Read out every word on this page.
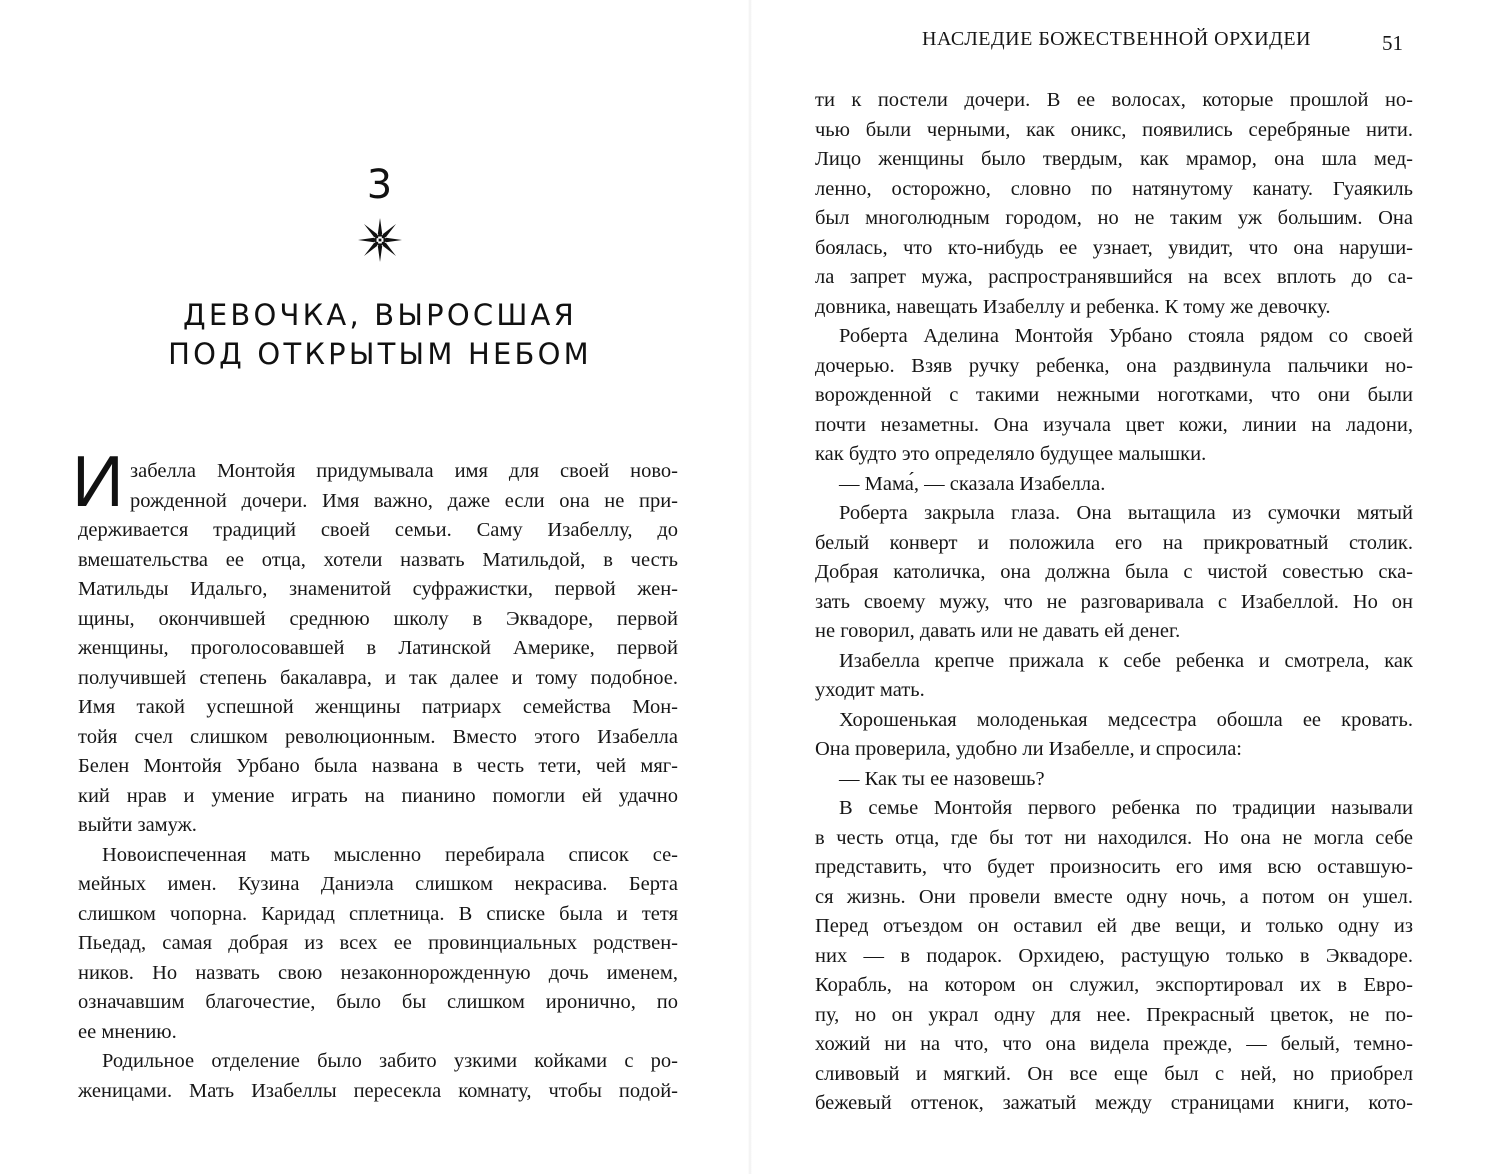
3
ДЕВОЧКА, ВЫРОСШАЯ
ПОД ОТКРЫТЫМ НЕБОМ
И забелла Монтойя придумывала имя для своей ново-
рожденной дочери. Имя важно, даже если она не при-
держивается традиций своей семьи. Саму Изабеллу, до
вмешательства ее отца, хотели назвать Матильдой, в честь
Матильды Идальго, знаменитой суфражистки, первой жен-
щины, окончившей среднюю школу в Эквадоре, первой
женщины, проголосовавшей в Латинской Америке, первой
получившей степень бакалавра, и так далее и тому подобное.
Имя такой успешной женщины патриарх семейства Мон-
тойя счел слишком революционным. Вместо этого Изабелла
Белен Монтойя Урбано была названа в честь тети, чей мяг-
кий нрав и умение играть на пианино помогли ей удачно
выйти замуж.
Новоиспеченная мать мысленно перебирала список се-
мейных имен. Кузина Даниэла слишком некрасива. Берта
слишком чопорна. Каридад сплетница. В списке была и тетя
Пьедад, самая добрая из всех ее провинциальных родствен-
ников. Но назвать свою незаконнорожденную дочь именем,
означавшим благочестие, было бы слишком иронично, по
ее мнению.
Родильное отделение было забито узкими койками с ро-
женицами. Мать Изабеллы пересекла комнату, чтобы подой-
НАСЛЕДИЕ БОЖЕСТВЕННОЙ ОРХИДЕИ	51
ти к постели дочери. В ее волосах, которые прошлой но-
чью были черными, как оникс, появились серебряные нити.
Лицо женщины было твердым, как мрамор, она шла мед-
ленно, осторожно, словно по натянутому канату. Гуаякиль
был многолюдным городом, но не таким уж большим. Она
боялась, что кто-нибудь ее узнает, увидит, что она наруши-
ла запрет мужа, распространявшийся на всех вплоть до са-
довника, навещать Изабеллу и ребенка. К тому же девочку.
Роберта Аделина Монтойя Урбано стояла рядом со своей
дочерью. Взяв ручку ребенка, она раздвинула пальчики но-
ворожденной с такими нежными ноготками, что они были
почти незаметны. Она изучала цвет кожи, линии на ладони,
как будто это определяло будущее малышки.
— Мама́, — сказала Изабелла.
Роберта закрыла глаза. Она вытащила из сумочки мятый
белый конверт и положила его на прикроватный столик.
Добрая католичка, она должна была с чистой совестью ска-
зать своему мужу, что не разговаривала с Изабеллой. Но он
не говорил, давать или не давать ей денег.
Изабелла крепче прижала к себе ребенка и смотрела, как
уходит мать.
Хорошенькая молоденькая медсестра обошла ее кровать.
Она проверила, удобно ли Изабелле, и спросила:
— Как ты ее назовешь?
В семье Монтойя первого ребенка по традиции называли
в честь отца, где бы тот ни находился. Но она не могла себе
представить, что будет произносить его имя всю оставшую-
ся жизнь. Они провели вместе одну ночь, а потом он ушел.
Перед отъездом он оставил ей две вещи, и только одну из
них — в подарок. Орхидею, растущую только в Эквадоре.
Корабль, на котором он служил, экспортировал их в Евро-
пу, но он украл одну для нее. Прекрасный цветок, не по-
хожий ни на что, что она видела прежде, — белый, темно-
сливовый и мягкий. Он все еще был с ней, но приобрел
бежевый оттенок, зажатый между страницами книги, кото-
